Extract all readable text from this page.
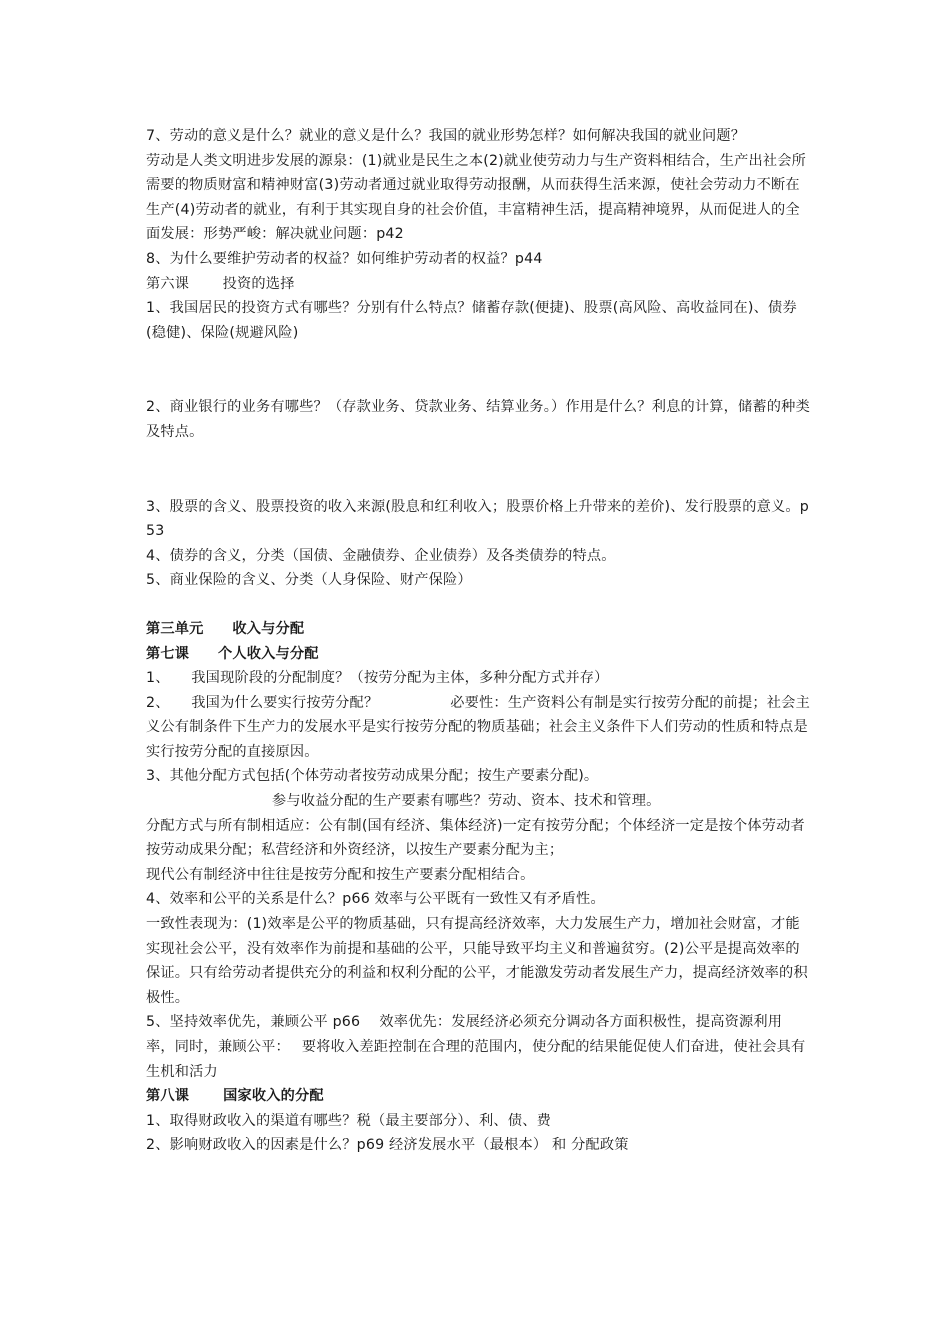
7、劳动的意义是什么？就业的意义是什么？我国的就业形势怎样？如何解决我国的就业问题？

劳动是人类文明进步发展的源泉：(1)就业是民生之本(2)就业使劳动力与生产资料相结合，生产出社会所需要的物质财富和精神财富(3)劳动者通过就业取得劳动报酬，从而获得生活来源，使社会劳动力不断在生产(4)劳动者的就业，有利于其实现自身的社会价值，丰富精神生活，提高精神境界，从而促进人的全面发展：形势严峻：解决就业问题：p42

8、为什么要维护劳动者的权益？如何维护劳动者的权益？p44

第六课　　 投资的选择

1、我国居民的投资方式有哪些？分别有什么特点？储蓄存款(便捷)、股票(高风险、高收益同在)、债券(稳健)、保险(规避风险)

2、商业银行的业务有哪些？（存款业务、贷款业务、结算业务。）作用是什么？利息的计算，储蓄的种类及特点。

3、股票的含义、股票投资的收入来源(股息和红利收入；股票价格上升带来的差价)、发行股票的意义。p53

4、债券的含义，分类（国债、金融债券、企业债券）及各类债券的特点。

5、商业保险的含义、分类（人身保险、财产保险）

第三单元　　收入与分配

第七课　　个人收入与分配

1、　　我国现阶段的分配制度？（按劳分配为主体，多种分配方式并存）

2、　　我国为什么要实行按劳分配？　　　　　必要性：生产资料公有制是实行按劳分配的前提；社会主义公有制条件下生产力的发展水平是实行按劳分配的物质基础；社会主义条件下人们劳动的性质和特点是实行按劳分配的直接原因。

3、其他分配方式包括(个体劳动者按劳动成果分配；按生产要素分配)。

参与收益分配的生产要素有哪些？劳动、资本、技术和管理。

分配方式与所有制相适应：公有制(国有经济、集体经济)一定有按劳分配；个体经济一定是按个体劳动者按劳动成果分配；私营经济和外资经济，以按生产要素分配为主；

现代公有制经济中往往是按劳分配和按生产要素分配相结合。

4、效率和公平的关系是什么？p66 效率与公平既有一致性又有矛盾性。

一致性表现为：(1)效率是公平的物质基础，只有提高经济效率，大力发展生产力，增加社会财富，才能实现社会公平，没有效率作为前提和基础的公平，只能导致平均主义和普遍贫穷。(2)公平是提高效率的保证。只有给劳动者提供充分的利益和权利分配的公平，才能激发劳动者发展生产力，提高经济效率的积极性。

5、坚持效率优先，兼顾公平 p66　 效率优先：发展经济必须充分调动各方面积极性，提高资源利用率，同时，兼顾公平：　 要将收入差距控制在合理的范围内，使分配的结果能促使人们奋进，使社会具有生机和活力

第八课　　 国家收入的分配

1、取得财政收入的渠道有哪些？税（最主要部分）、利、债、费

2、影响财政收入的因素是什么？p69 经济发展水平（最根本） 和 分配政策
